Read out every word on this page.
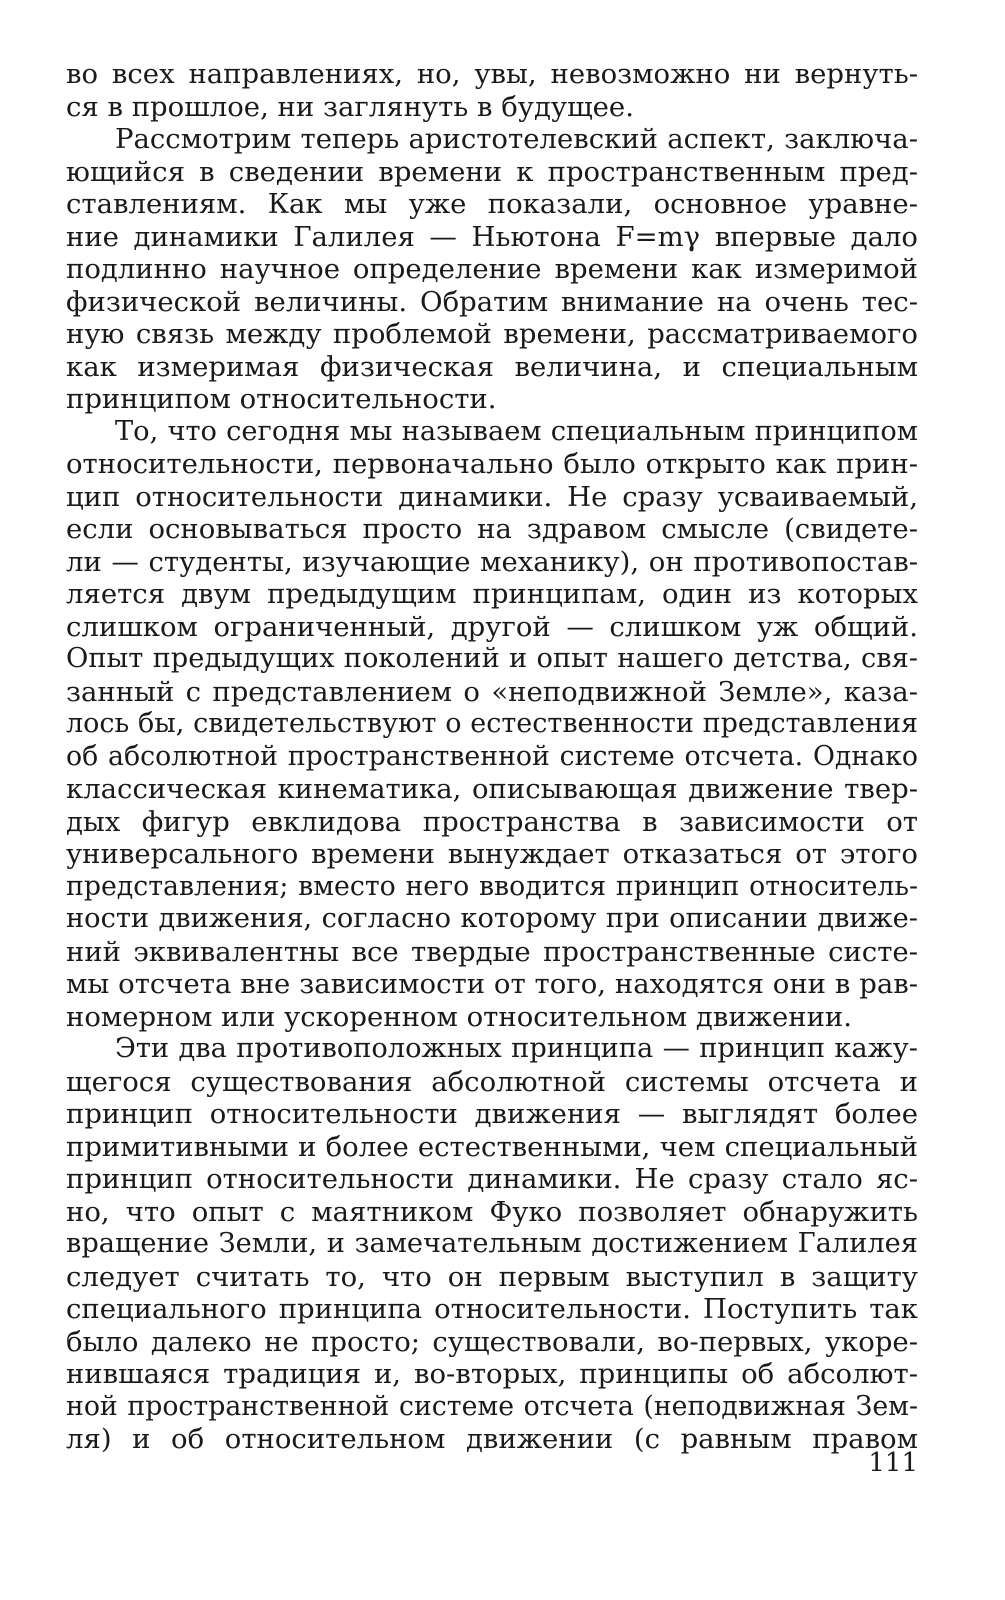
во всех направлениях, но, увы, невозможно ни вернуть-
ся в прошлое, ни заглянуть в будущее.
Рассмотрим теперь аристотелевский аспект, заключа-
ющийся в сведении времени к пространственным пред-
ставлениям. Как мы уже показали, основное уравне-
ние динамики Галилея — Ньютона F=mγ впервые дало
подлинно научное определение времени как измеримой
физической величины. Обратим внимание на очень тес-
ную связь между проблемой времени, рассматриваемого
как измеримая физическая величина, и специальным
принципом относительности.
То, что сегодня мы называем специальным принципом
относительности, первоначально было открыто как прин-
цип относительности динамики. Не сразу усваиваемый,
если основываться просто на здравом смысле (свидете-
ли — студенты, изучающие механику), он противопостав-
ляется двум предыдущим принципам, один из которых
слишком ограниченный, другой — слишком уж общий.
Опыт предыдущих поколений и опыт нашего детства, свя-
занный с представлением о «неподвижной Земле», каза-
лось бы, свидетельствуют о естественности представления
об абсолютной пространственной системе отсчета. Однако
классическая кинематика, описывающая движение твер-
дых фигур евклидова пространства в зависимости от
универсального времени вынуждает отказаться от этого
представления; вместо него вводится принцип относитель-
ности движения, согласно которому при описании движе-
ний эквивалентны все твердые пространственные систе-
мы отсчета вне зависимости от того, находятся они в рав-
номерном или ускоренном относительном движении.
Эти два противоположных принципа — принцип кажу-
щегося существования абсолютной системы отсчета и
принцип относительности движения — выглядят более
примитивными и более естественными, чем специальный
принцип относительности динамики. Не сразу стало яс-
но, что опыт с маятником Фуко позволяет обнаружить
вращение Земли, и замечательным достижением Галилея
следует считать то, что он первым выступил в защиту
специального принципа относительности. Поступить так
было далеко не просто; существовали, во-первых, укоре-
нившаяся традиция и, во-вторых, принципы об абсолют-
ной пространственной системе отсчета (неподвижная Зем-
ля) и об относительном движении (с равным правом
111
